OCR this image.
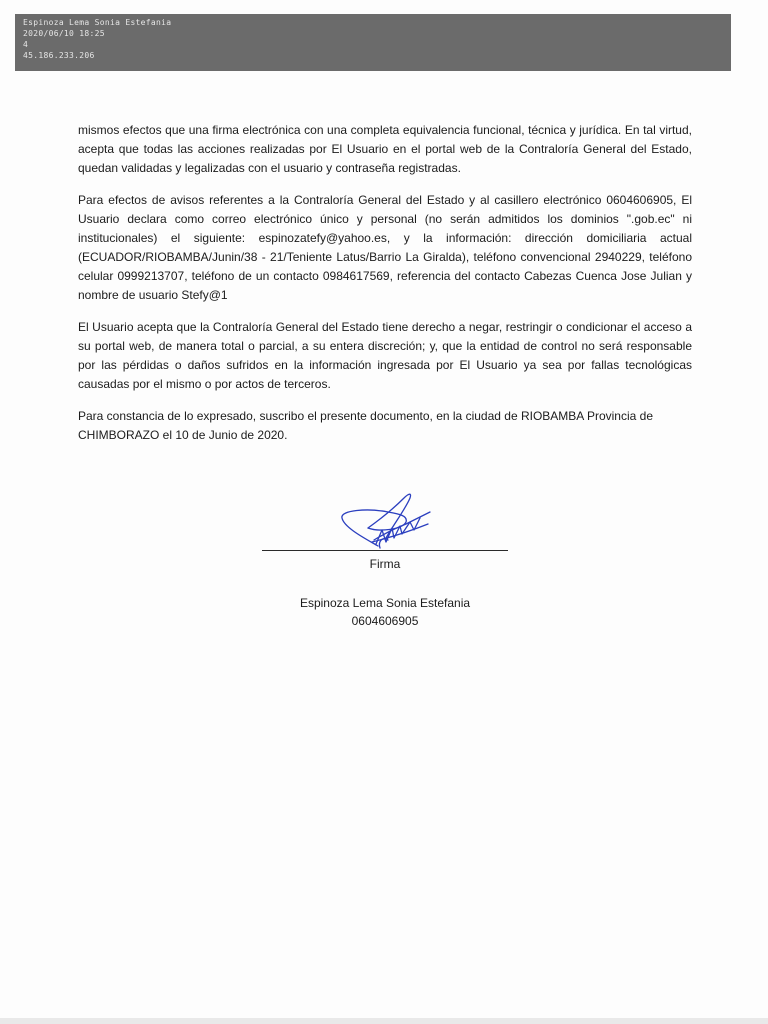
Espinoza Lema Sonia Estefania
2020/06/10 18:25
4
45.186.233.206

mismos efectos que una firma electrónica con una completa equivalencia funcional, técnica y jurídica. En tal virtud, acepta que todas las acciones realizadas por El Usuario en el portal web de la Contraloría General del Estado, quedan validadas y legalizadas con el usuario y contraseña registradas.

Para efectos de avisos referentes a la Contraloría General del Estado y al casillero electrónico 0604606905, El Usuario declara como correo electrónico único y personal (no serán admitidos los dominios ".gob.ec" ni institucionales) el siguiente: espinozatefy@yahoo.es, y la información: dirección domiciliaria actual (ECUADOR/RIOBAMBA/Junin/38 - 21/Teniente Latus/Barrio La Giralda), teléfono convencional 2940229, teléfono celular 0999213707, teléfono de un contacto 0984617569, referencia del contacto Cabezas Cuenca Jose Julian y nombre de usuario Stefy@1

El Usuario acepta que la Contraloría General del Estado tiene derecho a negar, restringir o condicionar el acceso a su portal web, de manera total o parcial, a su entera discreción; y, que la entidad de control no será responsable por las pérdidas o daños sufridos en la información ingresada por El Usuario ya sea por fallas tecnológicas causadas por el mismo o por actos de terceros.

Para constancia de lo expresado, suscribo el presente documento, en la ciudad de RIOBAMBA Provincia de CHIMBORAZO el 10 de Junio de 2020.

Firma
Espinoza Lema Sonia Estefania
0604606905
